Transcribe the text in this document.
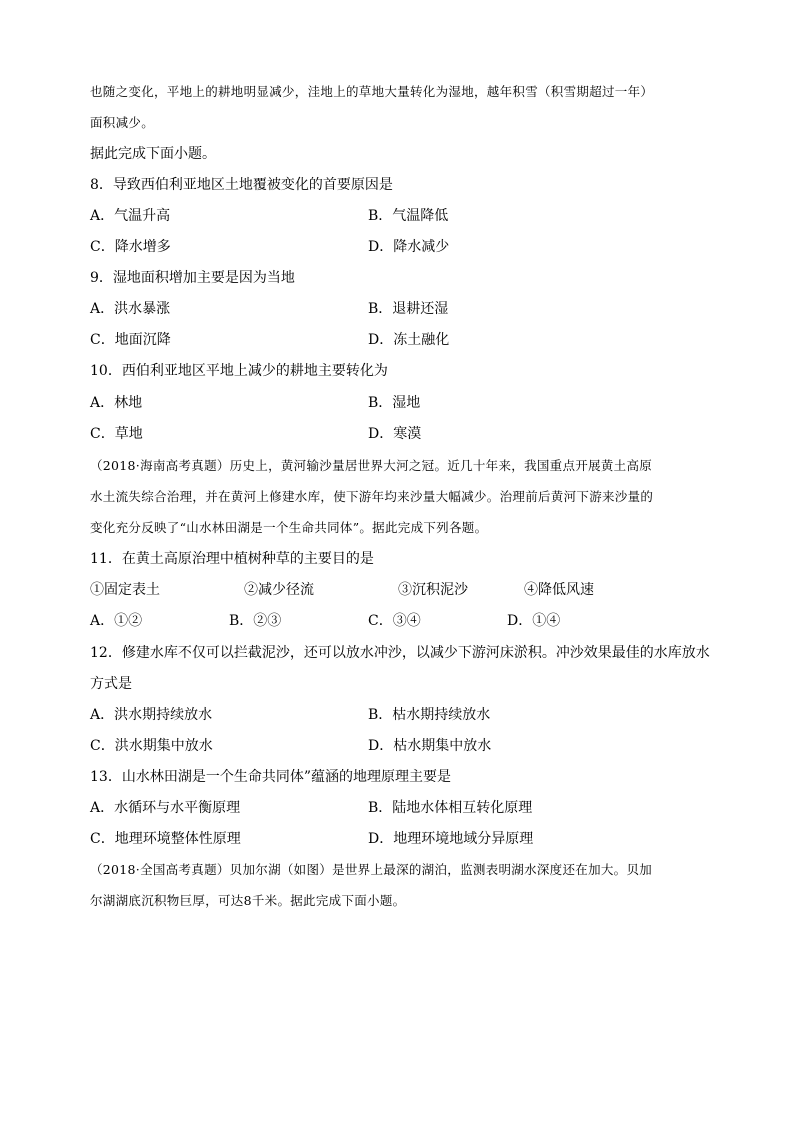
也随之变化，平地上的耕地明显减少，洼地上的草地大量转化为湿地，越年积雪（积雪期超过一年）
面积减少。
据此完成下面小题。
8．导致西伯利亚地区土地覆被变化的首要原因是
A．气温升高	B．气温降低
C．降水增多	D．降水减少
9．湿地面积增加主要是因为当地
A．洪水暴涨	B．退耕还湿
C．地面沉降	D．冻土融化
10．西伯利亚地区平地上减少的耕地主要转化为
A．林地	B．湿地
C．草地	D．寒漠
（2018·海南高考真题）历史上，黄河输沙量居世界大河之冠。近几十年来，我国重点开展黄土高原
水土流失综合治理，并在黄河上修建水库，使下游年均来沙量大幅减少。治理前后黄河下游来沙量的
变化充分反映了“山水林田湖是一个生命共同体”。据此完成下列各题。
11．在黄土高原治理中植树种草的主要目的是
①固定表土	②减少径流	③沉积泥沙	④降低风速
A．①②	B．②③	C．③④	D．①④
12．修建水库不仅可以拦截泥沙，还可以放水冲沙，以减少下游河床淤积。冲沙效果最佳的水库放水
方式是
A．洪水期持续放水	B．枯水期持续放水
C．洪水期集中放水	D．枯水期集中放水
13．山水林田湖是一个生命共同体”蕴涵的地理原理主要是
A．水循环与水平衡原理	B．陆地水体相互转化原理
C．地理环境整体性原理	D．地理环境地域分异原理
（2018·全国高考真题）贝加尔湖（如图）是世界上最深的湖泊，监测表明湖水深度还在加大。贝加
尔湖湖底沉积物巨厚，可达8千米。据此完成下面小题。
